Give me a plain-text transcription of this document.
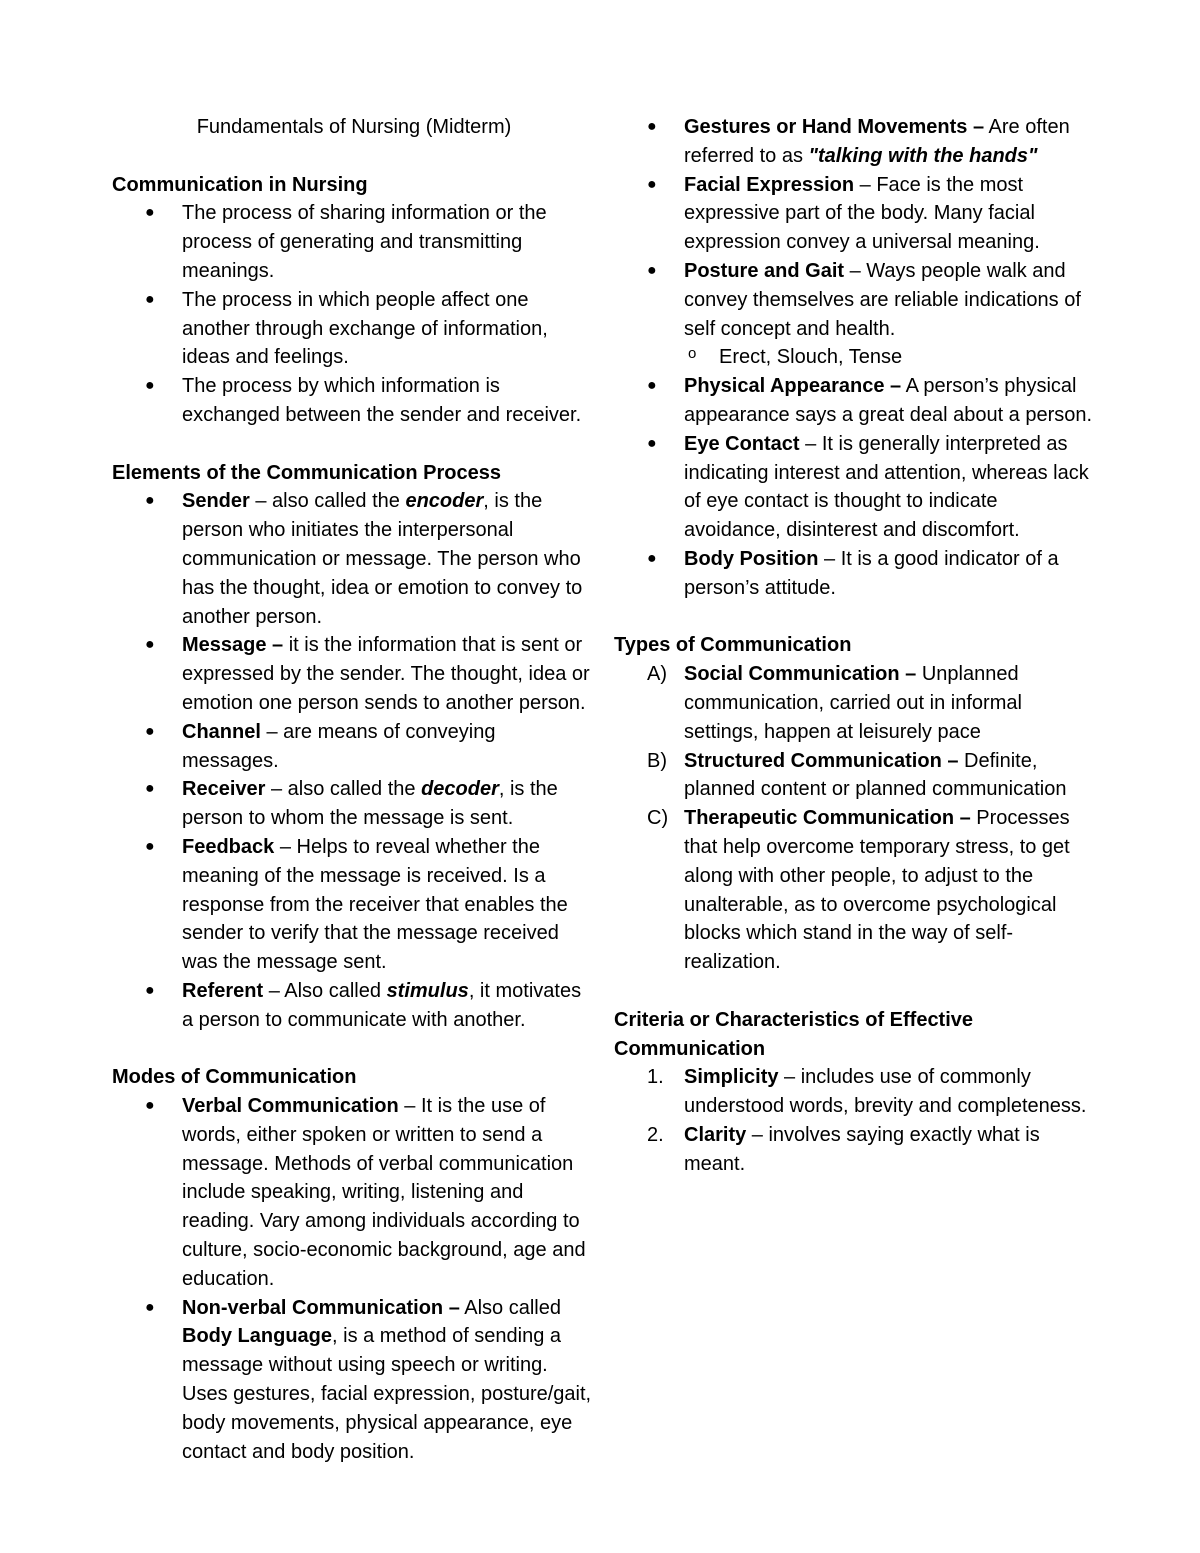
Fundamentals of Nursing (Midterm)

Communication in Nursing

● The process of sharing information or the process of generating and transmitting meanings.
● The process in which people affect one another through exchange of information, ideas and feelings.
● The process by which information is exchanged between the sender and receiver.

Elements of the Communication Process

● Sender – also called the encoder, is the person who initiates the interpersonal communication or message. The person who has the thought, idea or emotion to convey to another person.
● Message – it is the information that is sent or expressed by the sender. The thought, idea or emotion one person sends to another person.
● Channel – are means of conveying messages.
● Receiver – also called the decoder, is the person to whom the message is sent.
● Feedback – Helps to reveal whether the meaning of the message is received. Is a response from the receiver that enables the sender to verify that the message received was the message sent.
● Referent – Also called stimulus, it motivates a person to communicate with another.

Modes of Communication

● Verbal Communication – It is the use of words, either spoken or written to send a message. Methods of verbal communication include speaking, writing, listening and reading. Vary among individuals according to culture, socio-economic background, age and education.
● Non-verbal Communication – Also called Body Language, is a method of sending a message without using speech or writing. Uses gestures, facial expression, posture/gait, body movements, physical appearance, eye contact and body position.
● Gestures or Hand Movements – Are often referred to as "talking with the hands"
● Facial Expression – Face is the most expressive part of the body. Many facial expression convey a universal meaning.
● Posture and Gait – Ways people walk and convey themselves are reliable indications of self concept and health.
o Erect, Slouch, Tense
● Physical Appearance – A person’s physical appearance says a great deal about a person.
● Eye Contact – It is generally interpreted as indicating interest and attention, whereas lack of eye contact is thought to indicate avoidance, disinterest and discomfort.
● Body Position – It is a good indicator of a person’s attitude.

Types of Communication

A) Social Communication – Unplanned communication, carried out in informal settings, happen at leisurely pace
B) Structured Communication – Definite, planned content or planned communication
C) Therapeutic Communication – Processes that help overcome temporary stress, to get along with other people, to adjust to the unalterable, as to overcome psychological blocks which stand in the way of self-realization.

Criteria or Characteristics of Effective Communication

1. Simplicity – includes use of commonly understood words, brevity and completeness.
2. Clarity – involves saying exactly what is meant.
